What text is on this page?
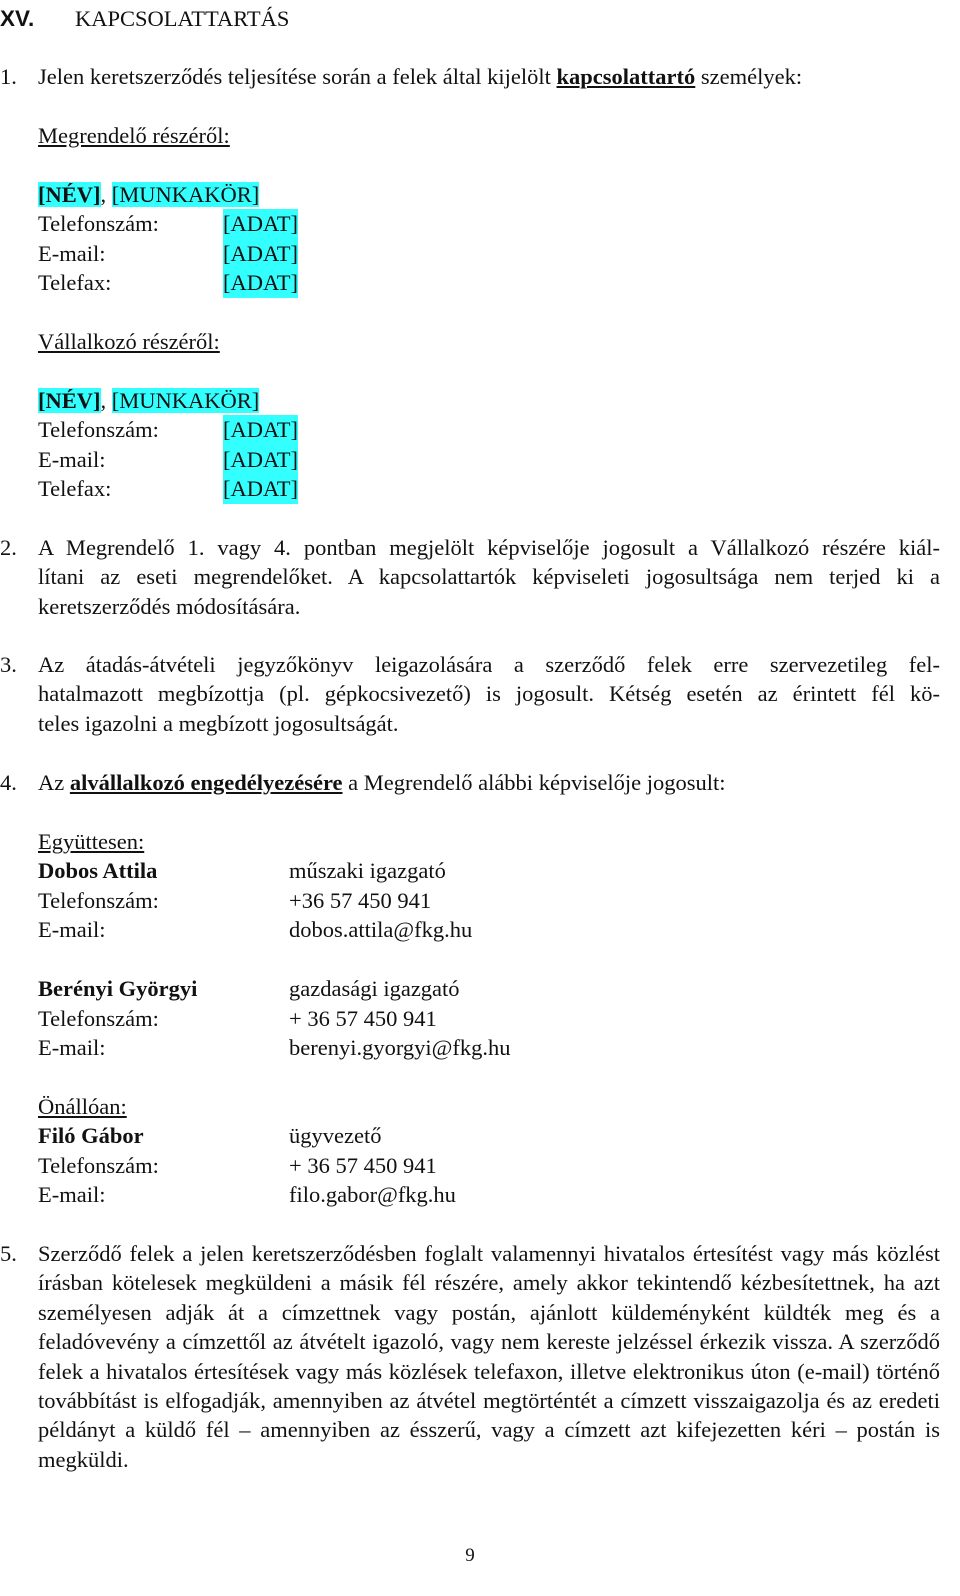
XV. KAPCSOLATTARTÁS
1. Jelen keretszerződés teljesítése során a felek által kijelölt kapcsolattartó személyek:
Megrendelő részéről:
[NÉV], [MUNKAKÖR]
Telefonszám:	[ADAT]
E-mail:	[ADAT]
Telefax:	[ADAT]
Vállalkozó részéről:
[NÉV], [MUNKAKÖR]
Telefonszám:	[ADAT]
E-mail:	[ADAT]
Telefax:	[ADAT]
2. A Megrendelő 1. vagy 4. pontban megjelölt képviselője jogosult a Vállalkozó részére kiál-
lítani az eseti megrendelőket. A kapcsolattartók képviseleti jogosultsága nem terjed ki a
keretszerződés módosítására.
3. Az átadás-átvételi jegyzőkönyv leigazolására a szerződő felek erre szervezetileg fel-
hatalmazott megbízottja (pl. gépkocsivezető) is jogosult. Kétség esetén az érintett fél kö-
teles igazolni a megbízott jogosultságát.
4. Az alvállalkozó engedélyezésére a Megrendelő alábbi képviselője jogosult:
Együttesen:
Dobos Attila	műszaki igazgató
Telefonszám:	+36 57 450 941
E-mail:	dobos.attila@fkg.hu
Berényi Györgyi	gazdasági igazgató
Telefonszám:	+ 36 57 450 941
E-mail:	berenyi.gyorgyi@fkg.hu
Önállóan:
Filó Gábor	ügyvezető
Telefonszám:	+ 36 57 450 941
E-mail:	filo.gabor@fkg.hu
5. Szerződő felek a jelen keretszerződésben foglalt valamennyi hivatalos értesítést vagy más közlést írásban kötelesek megküldeni a másik fél részére, amely akkor tekintendő kézbesítettnek, ha azt személyesen adják át a címzettnek vagy postán, ajánlott küldeményként küldték meg és a feladóvevény a címzettől az átvételt igazoló, vagy nem kereste jelzéssel érkezik vissza. A szerződő felek a hivatalos értesítések vagy más közlések telefaxon, illetve elektronikus úton (e-mail) történő továbbítást is elfogadják, amennyiben az átvétel megtörténtét a címzett visszaigazolja és az eredeti példányt a küldő fél – amennyiben az ésszerű, vagy a címzett azt kifejezetten kéri – postán is megküldi.
9
